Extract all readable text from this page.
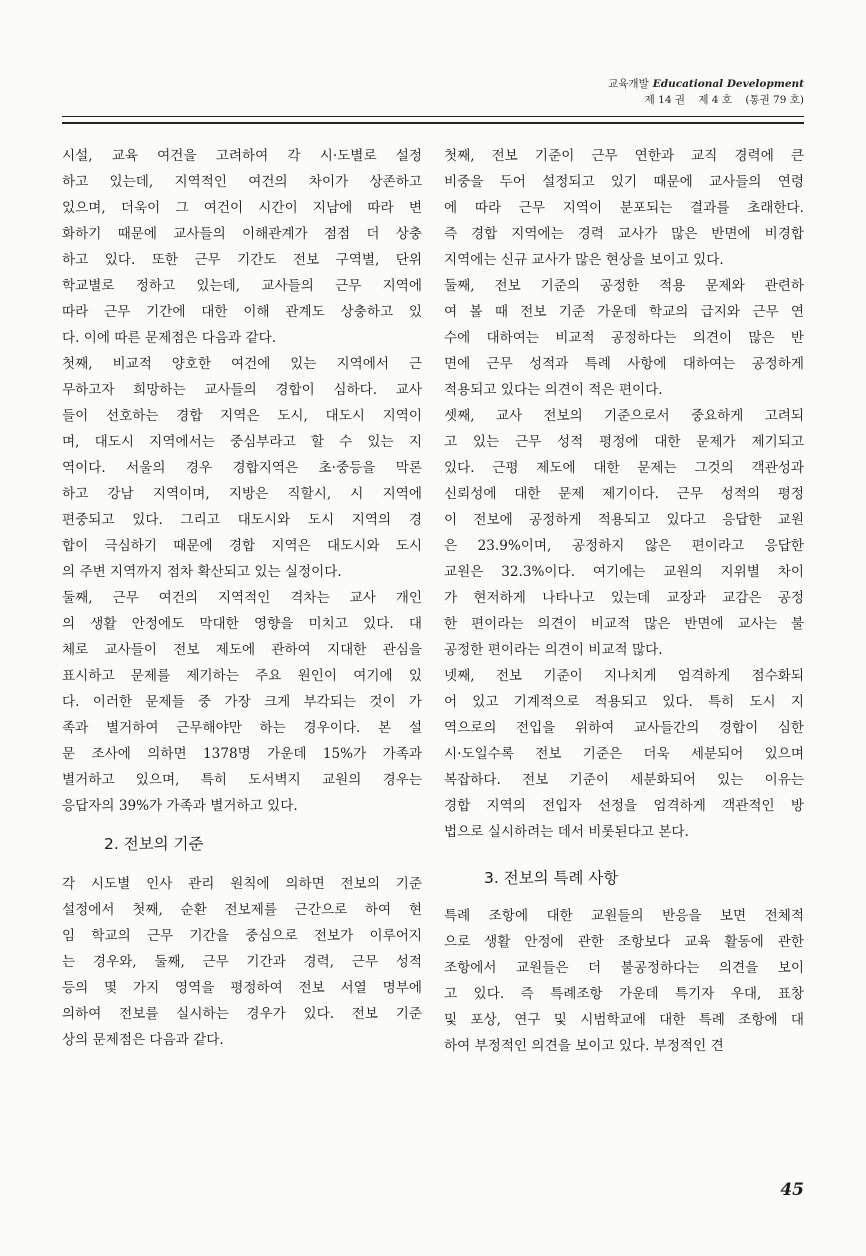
교육개발 Educational Development
제 14 권 제 4 호 (통권 79 호)

시설, 교육 여건을 고려하여 각 시·도별로 설정
하고 있는데, 지역적인 여건의 차이가 상존하고
있으며, 더욱이 그 여건이 시간이 지남에 따라 변
화하기 때문에 교사들의 이해관계가 점점 더 상충
하고 있다. 또한 근무 기간도 전보 구역별, 단위
학교별로 정하고 있는데, 교사들의 근무 지역에
따라 근무 기간에 대한 이해 관계도 상충하고 있
다. 이에 따른 문제점은 다음과 같다.

첫째, 비교적 양호한 여건에 있는 지역에서 근
무하고자 희망하는 교사들의 경합이 심하다. 교사
들이 선호하는 경합 지역은 도시, 대도시 지역이
며, 대도시 지역에서는 중심부라고 할 수 있는 지
역이다. 서울의 경우 경합지역은 초·중등을 막론
하고 강남 지역이며, 지방은 직할시, 시 지역에
편중되고 있다. 그리고 대도시와 도시 지역의 경
합이 극심하기 때문에 경합 지역은 대도시와 도시
의 주변 지역까지 점차 확산되고 있는 실정이다.

둘째, 근무 여건의 지역적인 격차는 교사 개인
의 생활 안정에도 막대한 영향을 미치고 있다. 대
체로 교사들이 전보 제도에 관하여 지대한 관심을
표시하고 문제를 제기하는 주요 원인이 여기에 있
다. 이러한 문제들 중 가장 크게 부각되는 것이 가
족과 별거하여 근무해야만 하는 경우이다. 본 설
문 조사에 의하면 1378명 가운데 15%가 가족과
별거하고 있으며, 특히 도서벽지 교원의 경우는
응답자의 39%가 가족과 별거하고 있다.

2. 전보의 기준

각 시도별 인사 관리 원칙에 의하면 전보의 기준
설정에서 첫째, 순환 전보제를 근간으로 하여 현
임 학교의 근무 기간을 중심으로 전보가 이루어지
는 경우와, 둘째, 근무 기간과 경력, 근무 성적
등의 몇 가지 영역을 평정하여 전보 서열 명부에
의하여 전보를 실시하는 경우가 있다. 전보 기준
상의 문제점은 다음과 같다.

첫째, 전보 기준이 근무 연한과 교직 경력에 큰
비중을 두어 설정되고 있기 때문에 교사들의 연령
에 따라 근무 지역이 분포되는 결과를 초래한다.
즉 경합 지역에는 경력 교사가 많은 반면에 비경합
지역에는 신규 교사가 많은 현상을 보이고 있다.

둘째, 전보 기준의 공정한 적용 문제와 관련하
여 볼 때 전보 기준 가운데 학교의 급지와 근무 연
수에 대하여는 비교적 공정하다는 의견이 많은 반
면에 근무 성적과 특례 사항에 대하여는 공정하게
적용되고 있다는 의견이 적은 편이다.

셋째, 교사 전보의 기준으로서 중요하게 고려되
고 있는 근무 성적 평정에 대한 문제가 제기되고
있다. 근평 제도에 대한 문제는 그것의 객관성과
신뢰성에 대한 문제 제기이다. 근무 성적의 평정
이 전보에 공정하게 적용되고 있다고 응답한 교원
은 23.9%이며, 공정하지 않은 편이라고 응답한
교원은 32.3%이다. 여기에는 교원의 지위별 차이
가 현저하게 나타나고 있는데 교장과 교감은 공정
한 편이라는 의견이 비교적 많은 반면에 교사는 불
공정한 편이라는 의견이 비교적 많다.

넷째, 전보 기준이 지나치게 엄격하게 점수화되
어 있고 기계적으로 적용되고 있다. 특히 도시 지
역으로의 전입을 위하여 교사들간의 경합이 심한
시·도일수록 전보 기준은 더욱 세분되어 있으며
복잡하다. 전보 기준이 세분화되어 있는 이유는
경합 지역의 전입자 선정을 엄격하게 객관적인 방
법으로 실시하려는 데서 비롯된다고 본다.

3. 전보의 특례 사항

특례 조항에 대한 교원들의 반응을 보면 전체적
으로 생활 안정에 관한 조항보다 교육 활동에 관한
조항에서 교원들은 더 불공정하다는 의견을 보이
고 있다. 즉 특례조항 가운데 특기자 우대, 표창
및 포상, 연구 및 시범학교에 대한 특례 조항에 대
하여 부정적인 의견을 보이고 있다. 부정적인 견

45
